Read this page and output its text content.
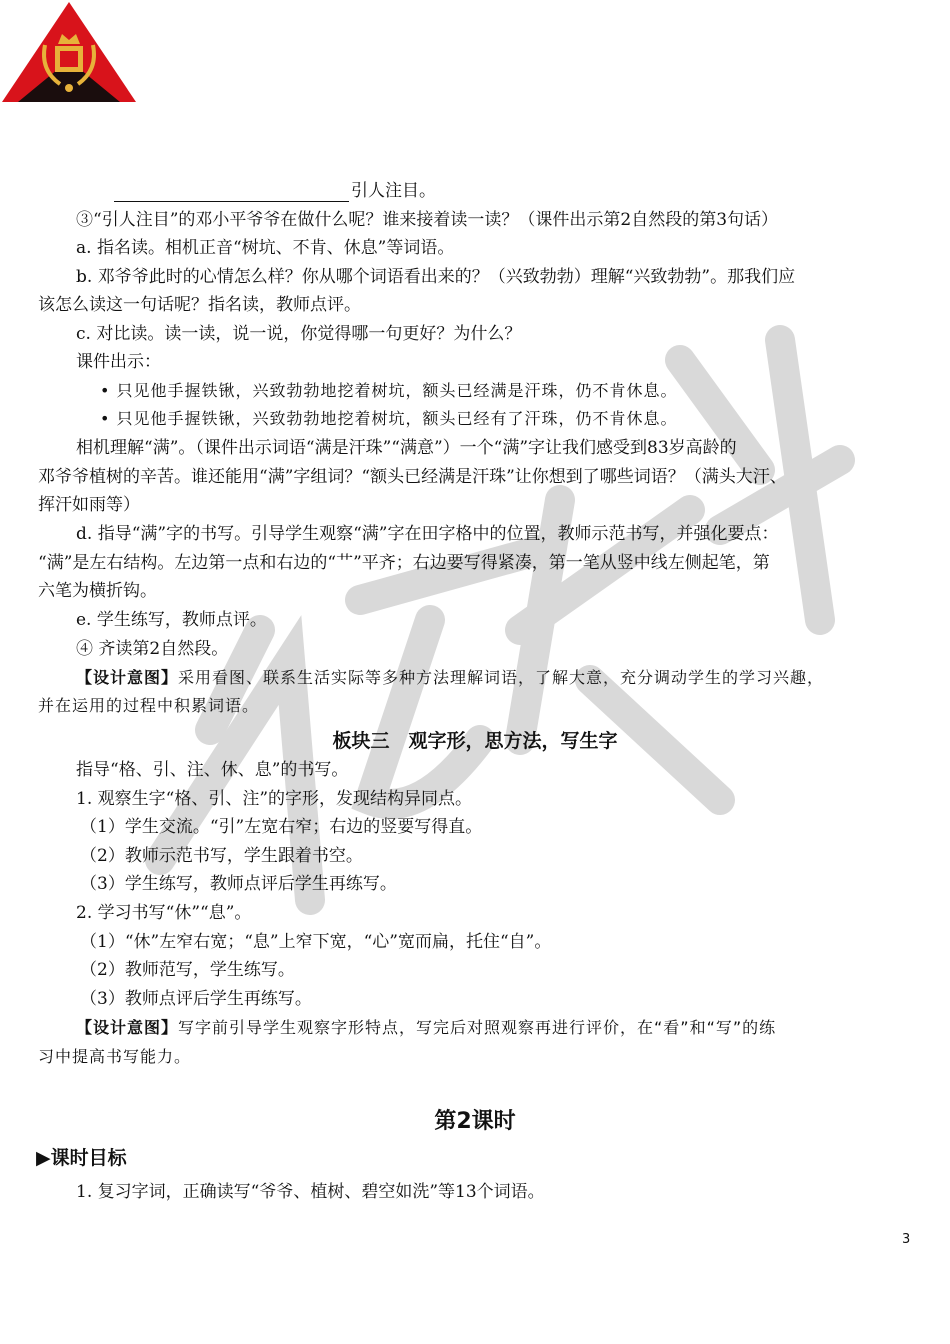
引人注目。
③“引人注目”的邓小平爷爷在做什么呢？谁来接着读一读？（课件出示第2自然段的第3句话）
a. 指名读。相机正音“树坑、不肯、休息”等词语。
b. 邓爷爷此时的心情怎么样？你从哪个词语看出来的？（兴致勃勃）理解“兴致勃勃”。那我们应
该怎么读这一句话呢？指名读，教师点评。
c. 对比读。读一读，说一说，你觉得哪一句更好？为什么？
课件出示：
• 只见他手握铁锹，兴致勃勃地挖着树坑，额头已经满是汗珠，仍不肯休息。
• 只见他手握铁锹，兴致勃勃地挖着树坑，额头已经有了汗珠，仍不肯休息。
相机理解“满”。（课件出示词语“满是汗珠”“满意”）一个“满”字让我们感受到83岁高龄的
邓爷爷植树的辛苦。谁还能用“满”字组词？“额头已经满是汗珠”让你想到了哪些词语？（满头大汗、
挥汗如雨等）
d. 指导“满”字的书写。引导学生观察“满”字在田字格中的位置，教师示范书写，并强化要点：
“满”是左右结构。左边第一点和右边的“艹”平齐；右边要写得紧凑，第一笔从竖中线左侧起笔，第
六笔为横折钩。
e. 学生练写，教师点评。
④ 齐读第2自然段。
【设计意图】采用看图、联系生活实际等多种方法理解词语，了解大意，充分调动学生的学习兴趣，
并在运用的过程中积累词语。
板块三　观字形，思方法，写生字
指导“格、引、注、休、息”的书写。
1. 观察生字“格、引、注”的字形，发现结构异同点。
（1）学生交流。“引”左宽右窄；右边的竖要写得直。
（2）教师示范书写，学生跟着书空。
（3）学生练写，教师点评后学生再练写。
2. 学习书写“休”“息”。
（1）“休”左窄右宽；“息”上窄下宽，“心”宽而扁，托住“自”。
（2）教师范写，学生练写。
（3）教师点评后学生再练写。
【设计意图】写字前引导学生观察字形特点，写完后对照观察再进行评价，在“看”和“写”的练
习中提高书写能力。
第2课时
▶课时目标
1. 复习字词，正确读写“爷爷、植树、碧空如洗”等13个词语。
3
